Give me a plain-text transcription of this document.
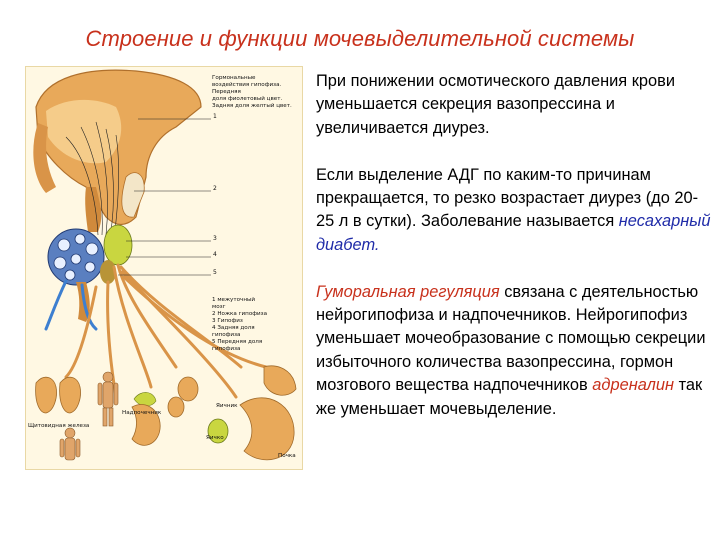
Строение и функции мочевыделительной системы
Гормональные
воздействия гипофиза.
Передняя
доля фиолетовый цвет.
Задняя доля желтый цвет.
1
2
3
4
5
1 межуточный
мозг
2 Ножка гипофиза
3 Гипофиз
4 Задняя доля
гипофиза
5 Передняя доля
гипофиза
Щитовидная железа
Надпочечник
Яичник
Яичко
Почка

При понижении осмотического давления крови уменьшается секреция вазопрессина и увеличивается диурез.

Если выделение АДГ по каким-то причинам прекращается, то резко возрастает диурез (до 20-25 л в сутки). Заболевание называется несахарный диабет.

Гуморальная регуляция связана с деятельностью нейрогипофиза и надпочечников. Нейрогипофиз уменьшает мочеобразование с помощью секреции избыточного количества вазопрессина, гормон мозгового вещества надпочечников адреналин так же уменьшает мочевыделение.
